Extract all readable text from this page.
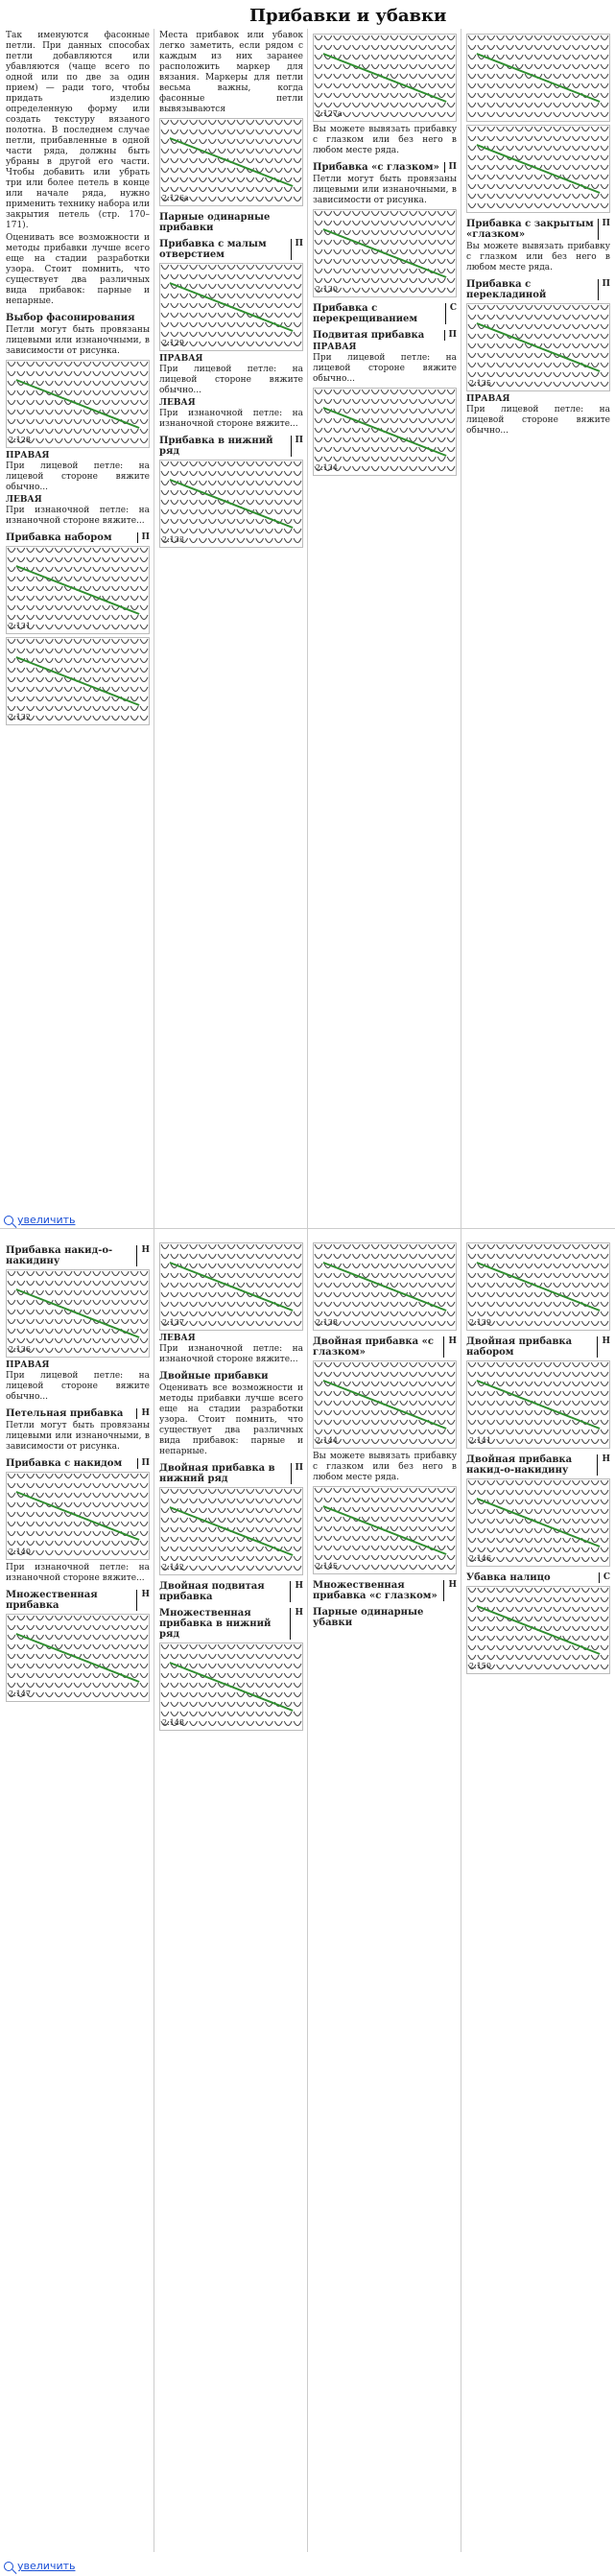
Прибавки и убавки

Так именуются фасонные петли. При данных способах петли добавляются или убавляются (чаще всего по одной или по две за один прием) — ради того, чтобы придать изделию определенную форму или создать текстуру вязаного полотна. В последнем случае петли, прибавленные в одной части ряда, должны быть убраны в другой его части. Чтобы добавить или убрать три или более петель в конце или начале ряда, нужно применить технику набора или закрытия петель (стр. 170–171).

Оценивать все возможности и методы прибавки лучше всего еще на стадии разработки узора. Стоит помнить, что существует два различных вида прибавок: парные и непарные.

Выбор фасонирования

Петли могут быть провязаны лицевыми или изнаночными, в зависимости от рисунка.

2.128
ПРАВАЯ

При лицевой петле: на лицевой стороне вяжите обычно...

ЛЕВАЯ

При изнаночной петле: на изнаночной стороне вяжите...

Прибавка набором	П
2.131
2.132

Места прибавок или убавок легко заметить, если рядом с каждым из них заранее расположить маркер для вязания. Маркеры для петли весьма важны, когда фасонные петли вывязываются

2.126а
Парные одинарные прибавки
Прибавка с малым отверстием
П
2.129
ПРАВАЯ

При лицевой петле: на лицевой стороне вяжите обычно...

ЛЕВАЯ

При изнаночной петле: на изнаночной стороне вяжите...

Прибавка в нижний ряд
П
2.133
2.127а

Вы можете вывязать прибавку с глазком или без него в любом месте ряда.

Прибавка «с глазком»	П

Петли могут быть провязаны лицевыми или изнаночными, в зависимости от рисунка.

2.130
Прибавка с перекрещиванием
С
Подвитая прибавка	П
ПРАВАЯ

При лицевой петле: на лицевой стороне вяжите обычно...

2.134
Прибавка с закрытым «глазком»
П

Вы можете вывязать прибавку с глазком или без него в любом месте ряда.

Прибавка с перекладиной
П
2.135
ПРАВАЯ

При лицевой петле: на лицевой стороне вяжите обычно...

увеличить
Прибавка накид-о-накидину
Н
2.136
ПРАВАЯ

При лицевой петле: на лицевой стороне вяжите обычно...

Петельная прибавка	Н

Петли могут быть провязаны лицевыми или изнаночными, в зависимости от рисунка.

Прибавка с накидом	П
2.140

При изнаночной петле: на изнаночной стороне вяжите...

Множественная прибавка
Н
2.147
2.137
ЛЕВАЯ

При изнаночной петле: на изнаночной стороне вяжите...

Двойные прибавки

Оценивать все возможности и методы прибавки лучше всего еще на стадии разработки узора. Стоит помнить, что существует два различных вида прибавок: парные и непарные.

Двойная прибавка в нижний ряд
П
2.142
Двойная подвитая прибавка
Н
Множественная прибавка в нижний ряд
Н
2.148
2.138
Двойная прибавка «с глазком»
Н
2.144

Вы можете вывязать прибавку с глазком или без него в любом месте ряда.

2.145
Множественная прибавка «с глазком»
Н
Парные одинарные убавки
2.139
Двойная прибавка набором
Н
2.141
Двойная прибавка накид-о-накидину
Н
2.146
Убавка налицо	С
2.150
увеличить
